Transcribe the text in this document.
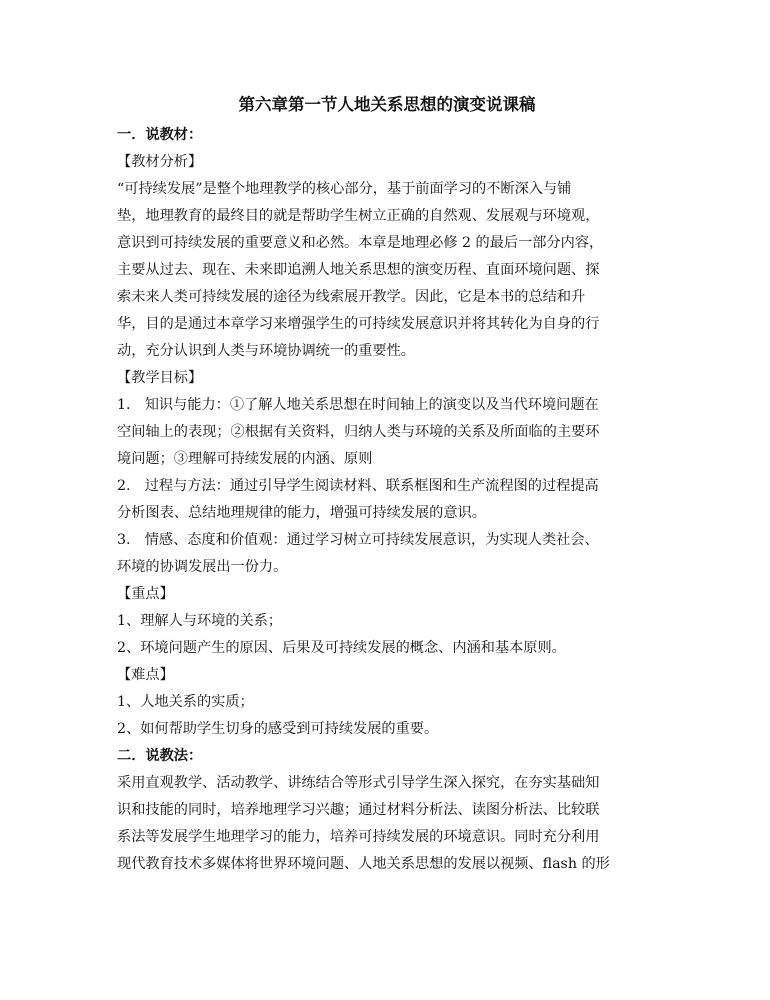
第六章第一节人地关系思想的演变说课稿

一．说教材：

【教材分析】

“可持续发展”是整个地理教学的核心部分，基于前面学习的不断深入与铺

垫，地理教育的最终目的就是帮助学生树立正确的自然观、发展观与环境观，

意识到可持续发展的重要意义和必然。本章是地理必修 2 的最后一部分内容，

主要从过去、现在、未来即追溯人地关系思想的演变历程、直面环境问题、探

索未来人类可持续发展的途径为线索展开教学。因此，它是本书的总结和升

华，目的是通过本章学习来增强学生的可持续发展意识并将其转化为自身的行

动，充分认识到人类与环境协调统一的重要性。

【教学目标】

1.　知识与能力：①了解人地关系思想在时间轴上的演变以及当代环境问题在

空间轴上的表现；②根据有关资料，归纳人类与环境的关系及所面临的主要环

境问题；③理解可持续发展的内涵、原则

2.　过程与方法：通过引导学生阅读材料、联系框图和生产流程图的过程提高

分析图表、总结地理规律的能力，增强可持续发展的意识。

3.　情感、态度和价值观：通过学习树立可持续发展意识，为实现人类社会、

环境的协调发展出一份力。

【重点】

1、理解人与环境的关系；

2、环境问题产生的原因、后果及可持续发展的概念、内涵和基本原则。

【难点】

1、人地关系的实质；

2、如何帮助学生切身的感受到可持续发展的重要。

二．说教法：

采用直观教学、活动教学、讲练结合等形式引导学生深入探究，在夯实基础知

识和技能的同时，培养地理学习兴趣；通过材料分析法、读图分析法、比较联

系法等发展学生地理学习的能力，培养可持续发展的环境意识。同时充分利用

现代教育技术多媒体将世界环境问题、人地关系思想的发展以视频、flash 的形
